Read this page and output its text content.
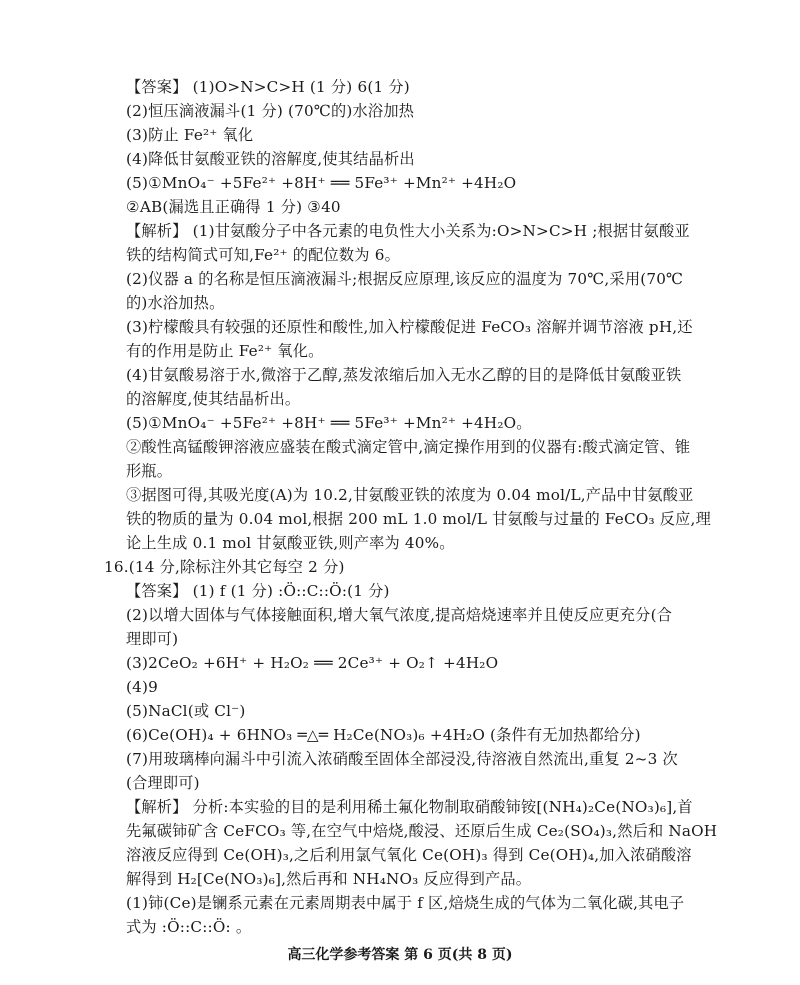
【答案】 (1)O>N>C>H (1 分) 6(1 分)
(2)恒压滴液漏斗(1 分) (70℃的)水浴加热
(3)防止 Fe²⁺ 氧化
(4)降低甘氨酸亚铁的溶解度,使其结晶析出
(5)①MnO₄⁻ +5Fe²⁺ +8H⁺ ══ 5Fe³⁺ +Mn²⁺ +4H₂O
②AB(漏选且正确得 1 分) ③40
【解析】 (1)甘氨酸分子中各元素的电负性大小关系为:O>N>C>H ;根据甘氨酸亚
铁的结构简式可知,Fe²⁺ 的配位数为 6。
(2)仪器 a 的名称是恒压滴液漏斗;根据反应原理,该反应的温度为 70℃,采用(70℃
的)水浴加热。
(3)柠檬酸具有较强的还原性和酸性,加入柠檬酸促进 FeCO₃ 溶解并调节溶液 pH,还
有的作用是防止 Fe²⁺ 氧化。
(4)甘氨酸易溶于水,微溶于乙醇,蒸发浓缩后加入无水乙醇的目的是降低甘氨酸亚铁
的溶解度,使其结晶析出。
(5)①MnO₄⁻ +5Fe²⁺ +8H⁺ ══ 5Fe³⁺ +Mn²⁺ +4H₂O。
②酸性高锰酸钾溶液应盛装在酸式滴定管中,滴定操作用到的仪器有:酸式滴定管、锥
形瓶。
③据图可得,其吸光度(A)为 10.2,甘氨酸亚铁的浓度为 0.04 mol/L,产品中甘氨酸亚
铁的物质的量为 0.04 mol,根据 200 mL 1.0 mol/L 甘氨酸与过量的 FeCO₃ 反应,理
论上生成 0.1 mol 甘氨酸亚铁,则产率为 40%。
16.(14 分,除标注外其它每空 2 分)
【答案】 (1) f (1 分) :Ö::C::Ö:(1 分)
(2)以增大固体与气体接触面积,增大氧气浓度,提高焙烧速率并且使反应更充分(合
理即可)
(3)2CeO₂ +6H⁺ + H₂O₂ ══ 2Ce³⁺ + O₂↑ +4H₂O
(4)9
(5)NaCl(或 Cl⁻)
(6)Ce(OH)₄ + 6HNO₃ ═△═ H₂Ce(NO₃)₆ +4H₂O (条件有无加热都给分)
(7)用玻璃棒向漏斗中引流入浓硝酸至固体全部浸没,待溶液自然流出,重复 2~3 次
(合理即可)
【解析】 分析:本实验的目的是利用稀土氟化物制取硝酸铈铵[(NH₄)₂Ce(NO₃)₆],首
先氟碳铈矿含 CeFCO₃ 等,在空气中焙烧,酸浸、还原后生成 Ce₂(SO₄)₃,然后和 NaOH
溶液反应得到 Ce(OH)₃,之后利用氯气氧化 Ce(OH)₃ 得到 Ce(OH)₄,加入浓硝酸溶
解得到 H₂[Ce(NO₃)₆],然后再和 NH₄NO₃ 反应得到产品。
(1)铈(Ce)是镧系元素在元素周期表中属于 f 区,焙烧生成的气体为二氧化碳,其电子
式为 :Ö::C::Ö: 。
高三化学参考答案 第 6 页(共 8 页)
